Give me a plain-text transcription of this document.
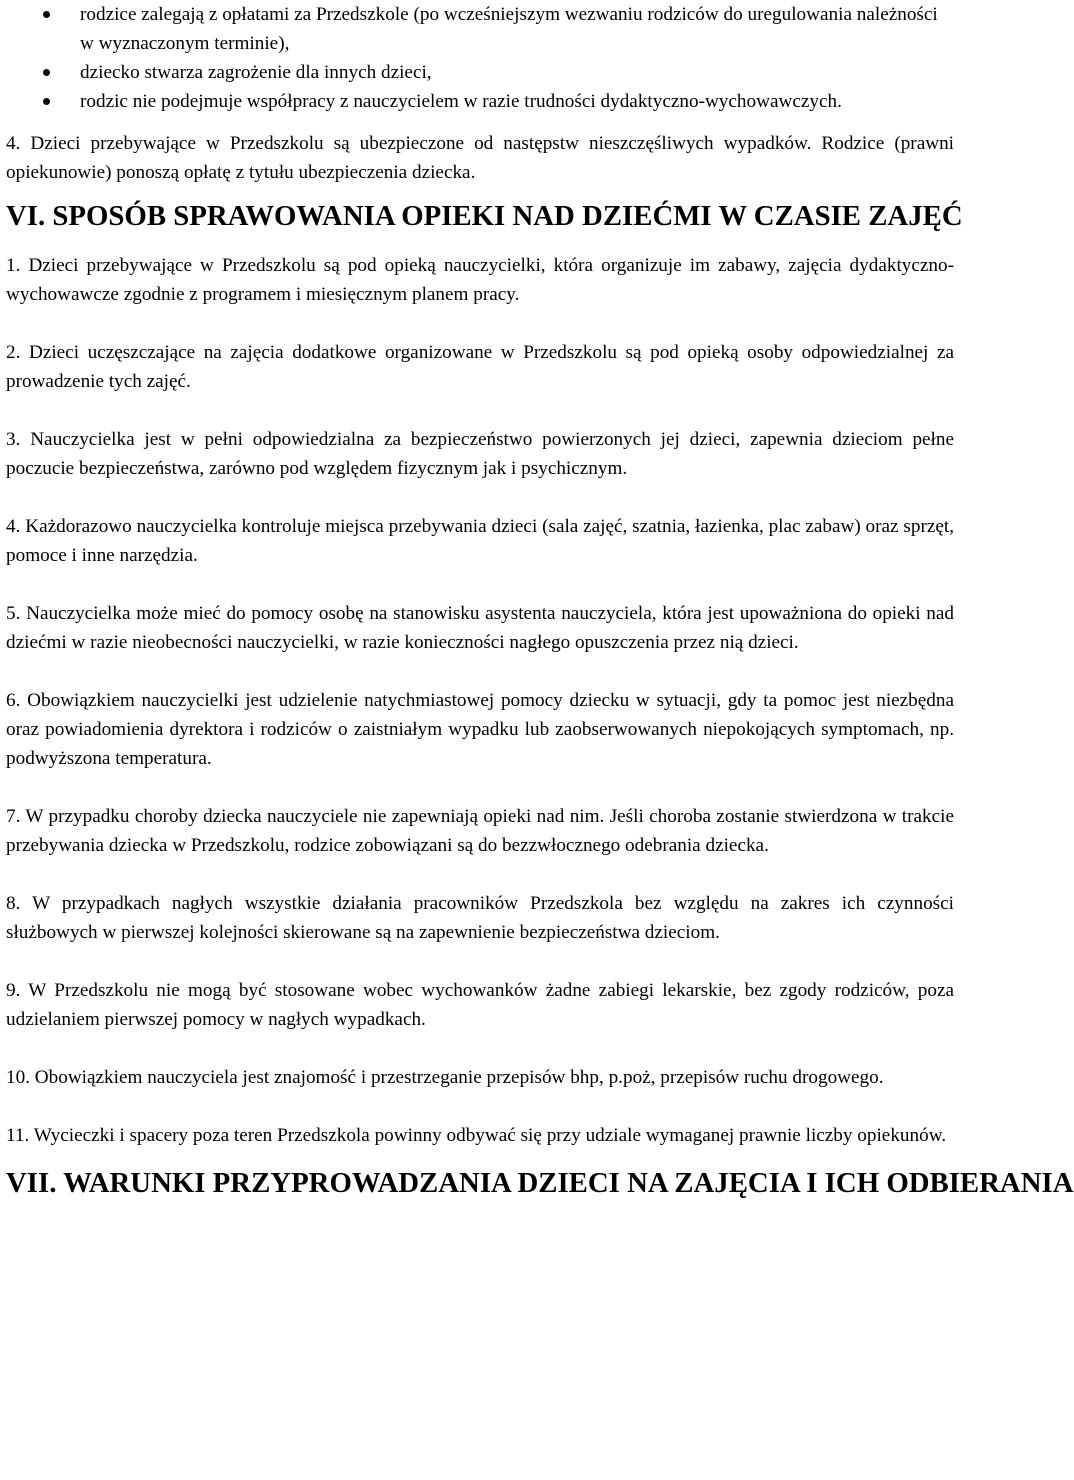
rodzice zalegają z opłatami za Przedszkole (po wcześniejszym wezwaniu rodziców do uregulowania należności w wyznaczonym terminie),
dziecko stwarza zagrożenie dla innych dzieci,
rodzic nie podejmuje współpracy z nauczycielem w razie trudności dydaktyczno-wychowawczych.

4. Dzieci przebywające w Przedszkolu są ubezpieczone od następstw nieszczęśliwych wypadków. Rodzice (prawni opiekunowie) ponoszą opłatę z tytułu ubezpieczenia dziecka.

VI. SPOSÓB SPRAWOWANIA OPIEKI NAD DZIEĆMI W CZASIE ZAJĘĆ

1. Dzieci przebywające w Przedszkolu są pod opieką nauczycielki, która organizuje im zabawy, zajęcia dydaktyczno-wychowawcze zgodnie z programem i miesięcznym planem pracy.

2. Dzieci uczęszczające na zajęcia dodatkowe organizowane w Przedszkolu są pod opieką osoby odpowiedzialnej za prowadzenie tych zajęć.

3. Nauczycielka jest w pełni odpowiedzialna za bezpieczeństwo powierzonych jej dzieci, zapewnia dzieciom pełne poczucie bezpieczeństwa, zarówno pod względem fizycznym jak i psychicznym.

4. Każdorazowo nauczycielka kontroluje miejsca przebywania dzieci (sala zajęć, szatnia, łazienka, plac zabaw) oraz sprzęt, pomoce i inne narzędzia.

5. Nauczycielka może mieć do pomocy osobę na stanowisku asystenta nauczyciela, która jest upoważniona do opieki nad dziećmi w razie nieobecności nauczycielki, w razie konieczności nagłego opuszczenia przez nią dzieci.

6. Obowiązkiem nauczycielki jest udzielenie natychmiastowej pomocy dziecku w sytuacji, gdy ta pomoc jest niezbędna oraz powiadomienia dyrektora i rodziców o zaistniałym wypadku lub zaobserwowanych niepokojących symptomach, np. podwyższona temperatura.

7. W przypadku choroby dziecka nauczyciele nie zapewniają opieki nad nim. Jeśli choroba zostanie stwierdzona w trakcie przebywania dziecka w Przedszkolu, rodzice zobowiązani są do bezzwłocznego odebrania dziecka.

8. W przypadkach nagłych wszystkie działania pracowników Przedszkola bez względu na zakres ich czynności służbowych w pierwszej kolejności skierowane są na zapewnienie bezpieczeństwa dzieciom.

9. W Przedszkolu nie mogą być stosowane wobec wychowanków żadne zabiegi lekarskie, bez zgody rodziców, poza udzielaniem pierwszej pomocy w nagłych wypadkach.

10. Obowiązkiem nauczyciela jest znajomość i przestrzeganie przepisów bhp, p.poż, przepisów ruchu drogowego.

11. Wycieczki i spacery poza teren Przedszkola powinny odbywać się przy udziale wymaganej prawnie liczby opiekunów.

VII. WARUNKI PRZYPROWADZANIA DZIECI NA ZAJĘCIA I ICH ODBIERANIA
